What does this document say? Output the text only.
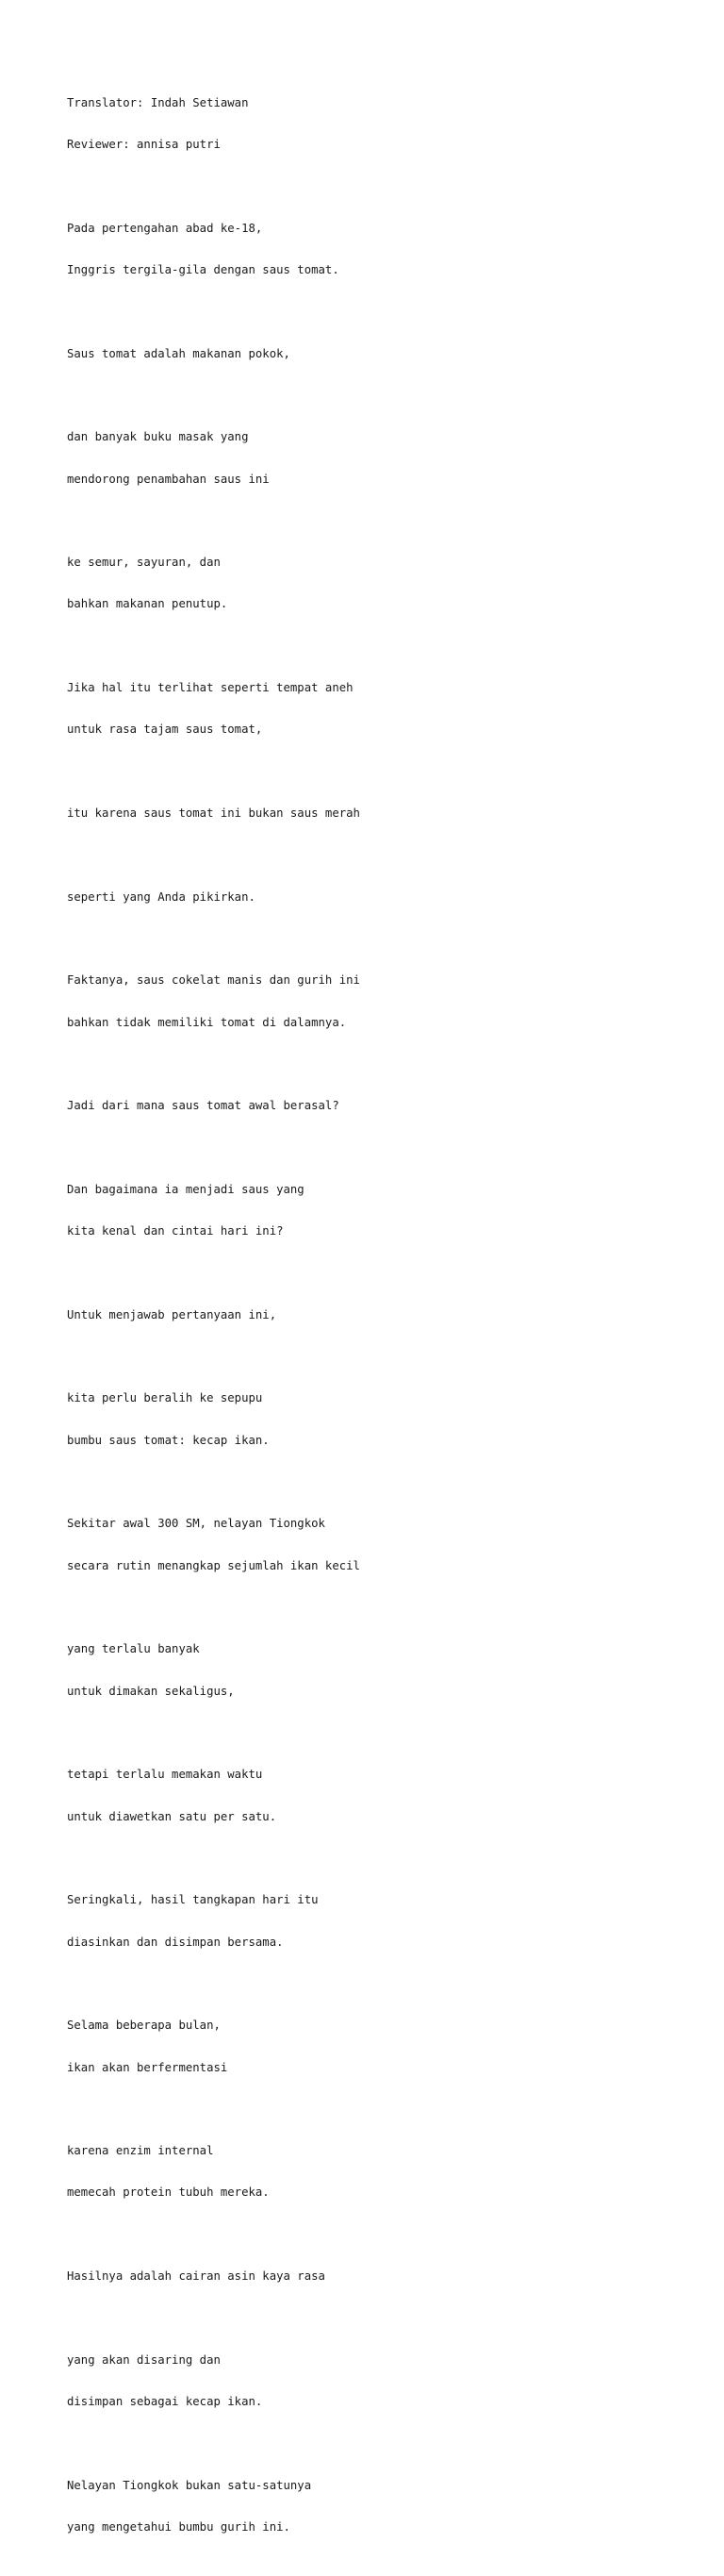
Translator: Indah Setiawan

Reviewer: annisa putri

Pada pertengahan abad ke-18,

Inggris tergila-gila dengan saus tomat.

Saus tomat adalah makanan pokok,

dan banyak buku masak yang

mendorong penambahan saus ini

ke semur, sayuran, dan

bahkan makanan penutup.

Jika hal itu terlihat seperti tempat aneh

untuk rasa tajam saus tomat,

itu karena saus tomat ini bukan saus merah

seperti yang Anda pikirkan.

Faktanya, saus cokelat manis dan gurih ini

bahkan tidak memiliki tomat di dalamnya.

Jadi dari mana saus tomat awal berasal?

Dan bagaimana ia menjadi saus yang

kita kenal dan cintai hari ini?

Untuk menjawab pertanyaan ini,

kita perlu beralih ke sepupu

bumbu saus tomat: kecap ikan.

Sekitar awal 300 SM, nelayan Tiongkok

secara rutin menangkap sejumlah ikan kecil

yang terlalu banyak

untuk dimakan sekaligus,

tetapi terlalu memakan waktu

untuk diawetkan satu per satu.

Seringkali, hasil tangkapan hari itu

diasinkan dan disimpan bersama.

Selama beberapa bulan,

ikan akan berfermentasi

karena enzim internal

memecah protein tubuh mereka.

Hasilnya adalah cairan asin kaya rasa

yang akan disaring dan

disimpan sebagai kecap ikan.

Nelayan Tiongkok bukan satu-satunya

yang mengetahui bumbu gurih ini.
